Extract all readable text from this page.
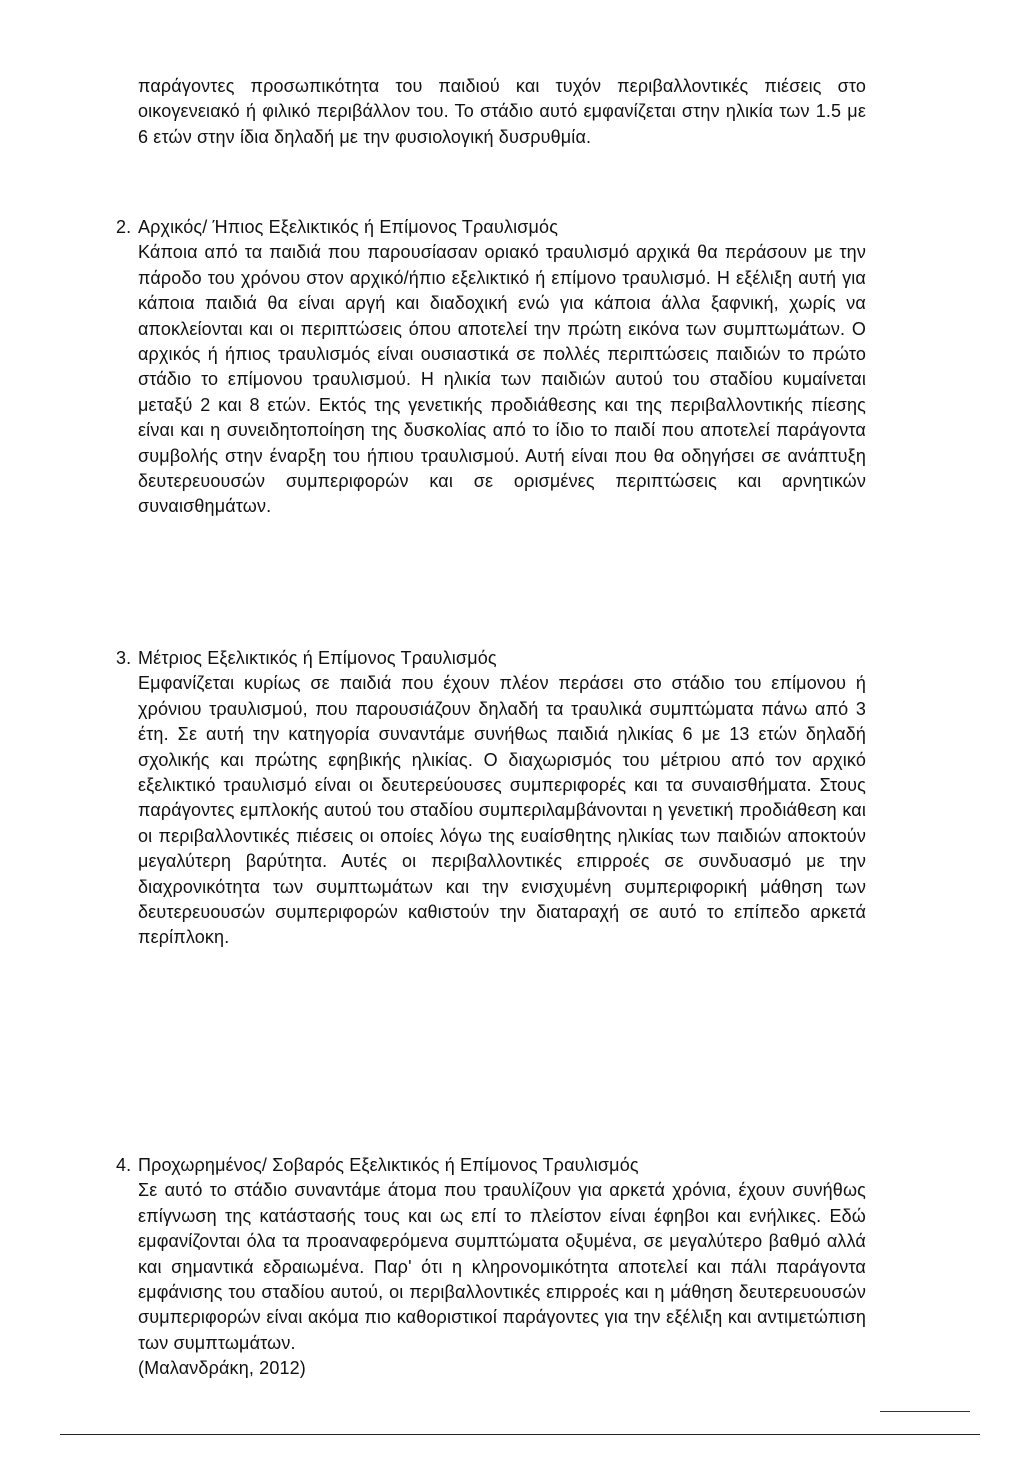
παράγοντες προσωπικότητα του παιδιού και τυχόν περιβαλλοντικές πιέσεις στο οικογενειακό ή φιλικό περιβάλλον του. Το στάδιο αυτό εμφανίζεται στην ηλικία των 1.5 με 6 ετών στην ίδια δηλαδή με την φυσιολογική δυσρυθμία.

2. Αρχικός/ Ήπιος Εξελικτικός ή Επίμονος Τραυλισμός

Κάποια από τα παιδιά που παρουσίασαν οριακό τραυλισμό αρχικά θα περάσουν με την πάροδο του χρόνου στον αρχικό/ήπιο εξελικτικό ή επίμονο τραυλισμό. Η εξέλιξη αυτή για κάποια παιδιά θα είναι αργή και διαδοχική ενώ για κάποια άλλα ξαφνική, χωρίς να αποκλείονται και οι περιπτώσεις όπου αποτελεί την πρώτη εικόνα των συμπτωμάτων. Ο αρχικός ή ήπιος τραυλισμός είναι ουσιαστικά σε πολλές περιπτώσεις παιδιών το πρώτο στάδιο το επίμονου τραυλισμού. Η ηλικία των παιδιών αυτού του σταδίου κυμαίνεται μεταξύ 2 και 8 ετών. Εκτός της γενετικής προδιάθεσης και της περιβαλλοντικής πίεσης είναι και η συνειδητοποίηση της δυσκολίας από το ίδιο το παιδί που αποτελεί παράγοντα συμβολής στην έναρξη του ήπιου τραυλισμού. Αυτή είναι που θα οδηγήσει σε ανάπτυξη δευτερευουσών συμπεριφορών και σε ορισμένες περιπτώσεις και αρνητικών συναισθημάτων.

3. Μέτριος Εξελικτικός ή Επίμονος Τραυλισμός

Εμφανίζεται κυρίως σε παιδιά που έχουν πλέον περάσει στο στάδιο του επίμονου ή χρόνιου τραυλισμού, που παρουσιάζουν δηλαδή τα τραυλικά συμπτώματα πάνω από 3 έτη. Σε αυτή την κατηγορία συναντάμε συνήθως παιδιά ηλικίας 6 με 13 ετών δηλαδή σχολικής και πρώτης εφηβικής ηλικίας. Ο διαχωρισμός του μέτριου από τον αρχικό εξελικτικό τραυλισμό είναι οι δευτερεύουσες συμπεριφορές και τα συναισθήματα. Στους παράγοντες εμπλοκής αυτού του σταδίου συμπεριλαμβάνονται η γενετική προδιάθεση και οι περιβαλλοντικές πιέσεις οι οποίες λόγω της ευαίσθητης ηλικίας των παιδιών αποκτούν μεγαλύτερη βαρύτητα. Αυτές οι περιβαλλοντικές επιρροές σε συνδυασμό με την διαχρονικότητα των συμπτωμάτων και την ενισχυμένη συμπεριφορική μάθηση των δευτερευουσών συμπεριφορών καθιστούν την διαταραχή σε αυτό το επίπεδο αρκετά περίπλοκη.

4. Προχωρημένος/ Σοβαρός Εξελικτικός ή Επίμονος Τραυλισμός

Σε αυτό το στάδιο συναντάμε άτομα που τραυλίζουν για αρκετά χρόνια, έχουν συνήθως επίγνωση της κατάστασής τους και ως επί το πλείστον είναι έφηβοι και ενήλικες. Εδώ εμφανίζονται όλα τα προαναφερόμενα συμπτώματα οξυμένα, σε μεγαλύτερο βαθμό αλλά και σημαντικά εδραιωμένα. Παρ' ότι η κληρονομικότητα αποτελεί και πάλι παράγοντα εμφάνισης του σταδίου αυτού, οι περιβαλλοντικές επιρροές και η μάθηση δευτερευουσών συμπεριφορών είναι ακόμα πιο καθοριστικοί παράγοντες για την εξέλιξη και αντιμετώπιση των συμπτωμάτων.

(Μαλανδράκη, 2012)
